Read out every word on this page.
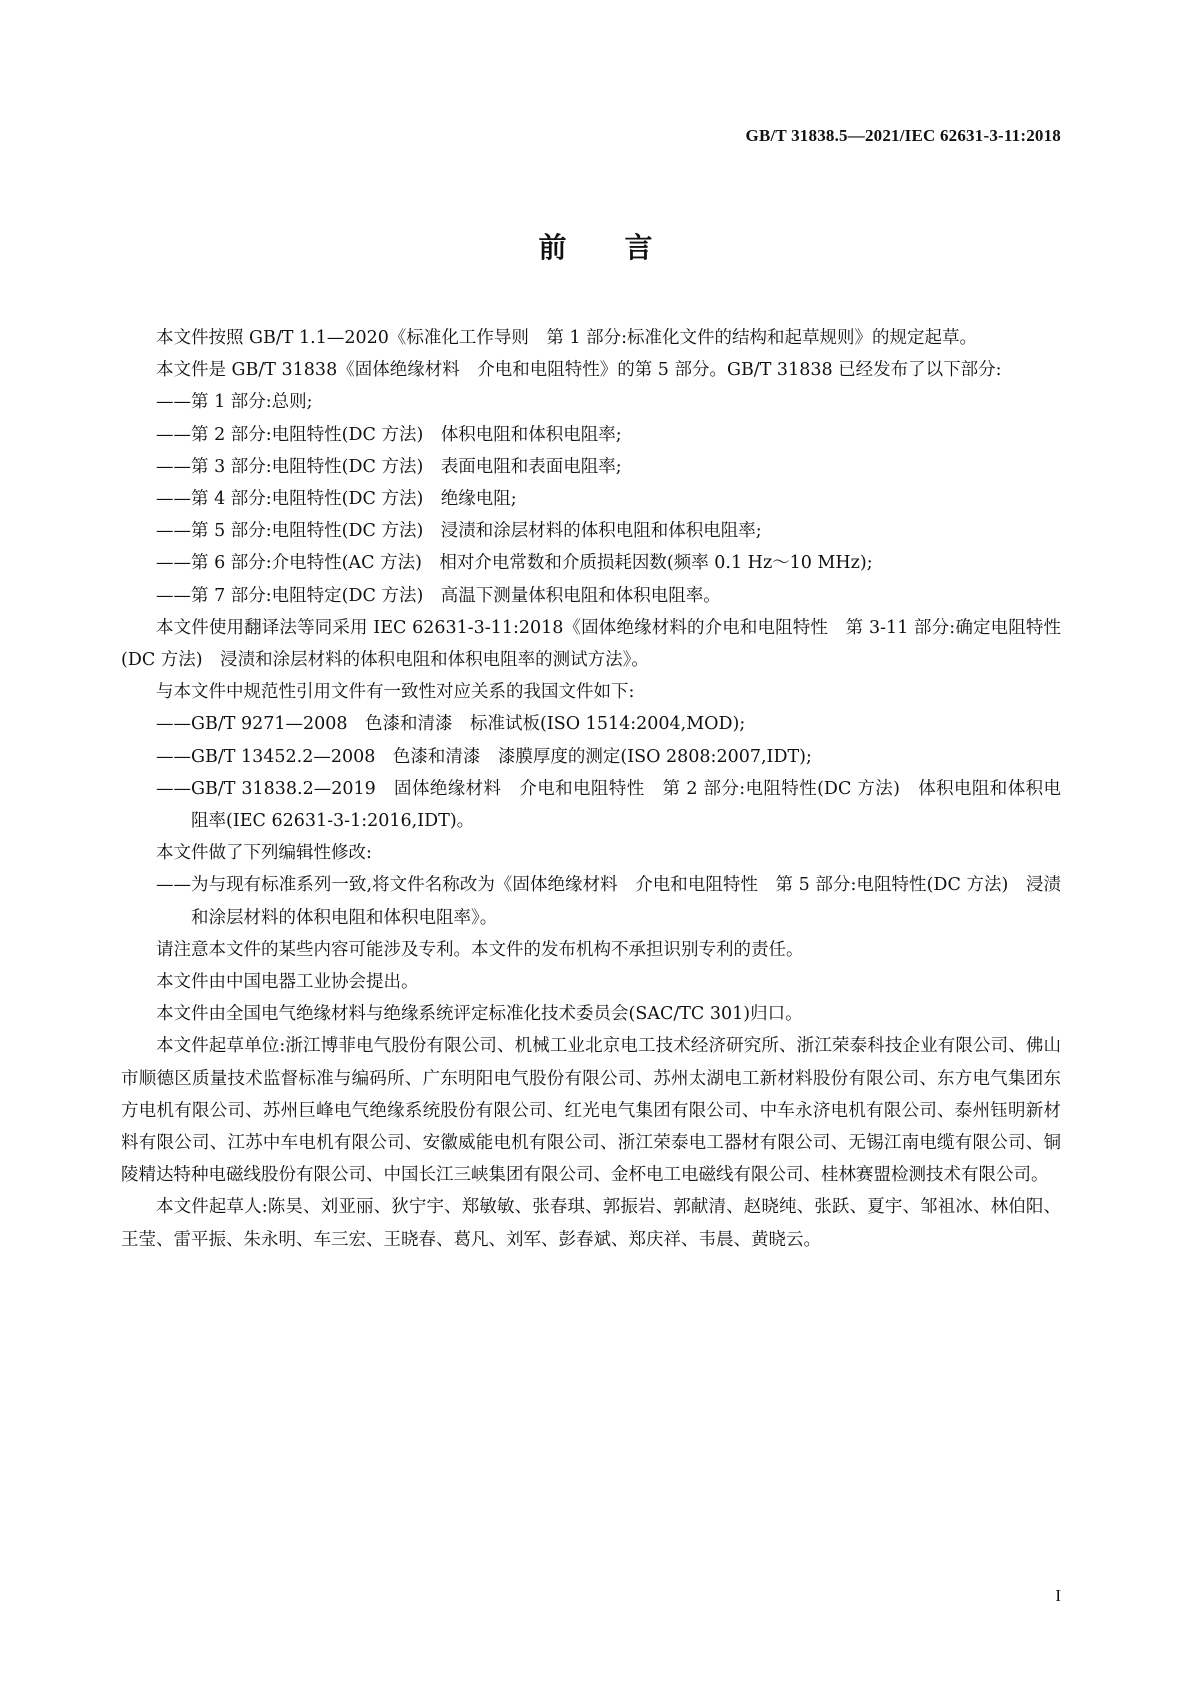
GB/T 31838.5—2021/IEC 62631-3-11:2018
前言

本文件按照 GB/T 1.1—2020《标准化工作导则　第 1 部分:标准化文件的结构和起草规则》的规定起草。

本文件是 GB/T 31838《固体绝缘材料　介电和电阻特性》的第 5 部分。GB/T 31838 已经发布了以下部分:

——第 1 部分:总则;

——第 2 部分:电阻特性(DC 方法)　体积电阻和体积电阻率;

——第 3 部分:电阻特性(DC 方法)　表面电阻和表面电阻率;

——第 4 部分:电阻特性(DC 方法)　绝缘电阻;

——第 5 部分:电阻特性(DC 方法)　浸渍和涂层材料的体积电阻和体积电阻率;

——第 6 部分:介电特性(AC 方法)　相对介电常数和介质损耗因数(频率 0.1 Hz～10 MHz);

——第 7 部分:电阻特定(DC 方法)　高温下测量体积电阻和体积电阻率。

本文件使用翻译法等同采用 IEC 62631-3-11:2018《固体绝缘材料的介电和电阻特性　第 3-11 部分:确定电阻特性(DC 方法)　浸渍和涂层材料的体积电阻和体积电阻率的测试方法》。

与本文件中规范性引用文件有一致性对应关系的我国文件如下:

——GB/T 9271—2008　色漆和清漆　标准试板(ISO 1514:2004,MOD);

——GB/T 13452.2—2008　色漆和清漆　漆膜厚度的测定(ISO 2808:2007,IDT);

——GB/T 31838.2—2019　固体绝缘材料　介电和电阻特性　第 2 部分:电阻特性(DC 方法)　体积电阻和体积电阻率(IEC 62631-3-1:2016,IDT)。

本文件做了下列编辑性修改:

——为与现有标准系列一致,将文件名称改为《固体绝缘材料　介电和电阻特性　第 5 部分:电阻特性(DC 方法)　浸渍和涂层材料的体积电阻和体积电阻率》。

请注意本文件的某些内容可能涉及专利。本文件的发布机构不承担识别专利的责任。

本文件由中国电器工业协会提出。

本文件由全国电气绝缘材料与绝缘系统评定标准化技术委员会(SAC/TC 301)归口。

本文件起草单位:浙江博菲电气股份有限公司、机械工业北京电工技术经济研究所、浙江荣泰科技企业有限公司、佛山市顺德区质量技术监督标准与编码所、广东明阳电气股份有限公司、苏州太湖电工新材料股份有限公司、东方电气集团东方电机有限公司、苏州巨峰电气绝缘系统股份有限公司、红光电气集团有限公司、中车永济电机有限公司、泰州钰明新材料有限公司、江苏中车电机有限公司、安徽威能电机有限公司、浙江荣泰电工器材有限公司、无锡江南电缆有限公司、铜陵精达特种电磁线股份有限公司、中国长江三峡集团有限公司、金杯电工电磁线有限公司、桂林赛盟检测技术有限公司。

本文件起草人:陈昊、刘亚丽、狄宁宇、郑敏敏、张春琪、郭振岩、郭献清、赵晓纯、张跃、夏宇、邹祖冰、林伯阳、王莹、雷平振、朱永明、车三宏、王晓春、葛凡、刘军、彭春斌、郑庆祥、韦晨、黄晓云。

I
